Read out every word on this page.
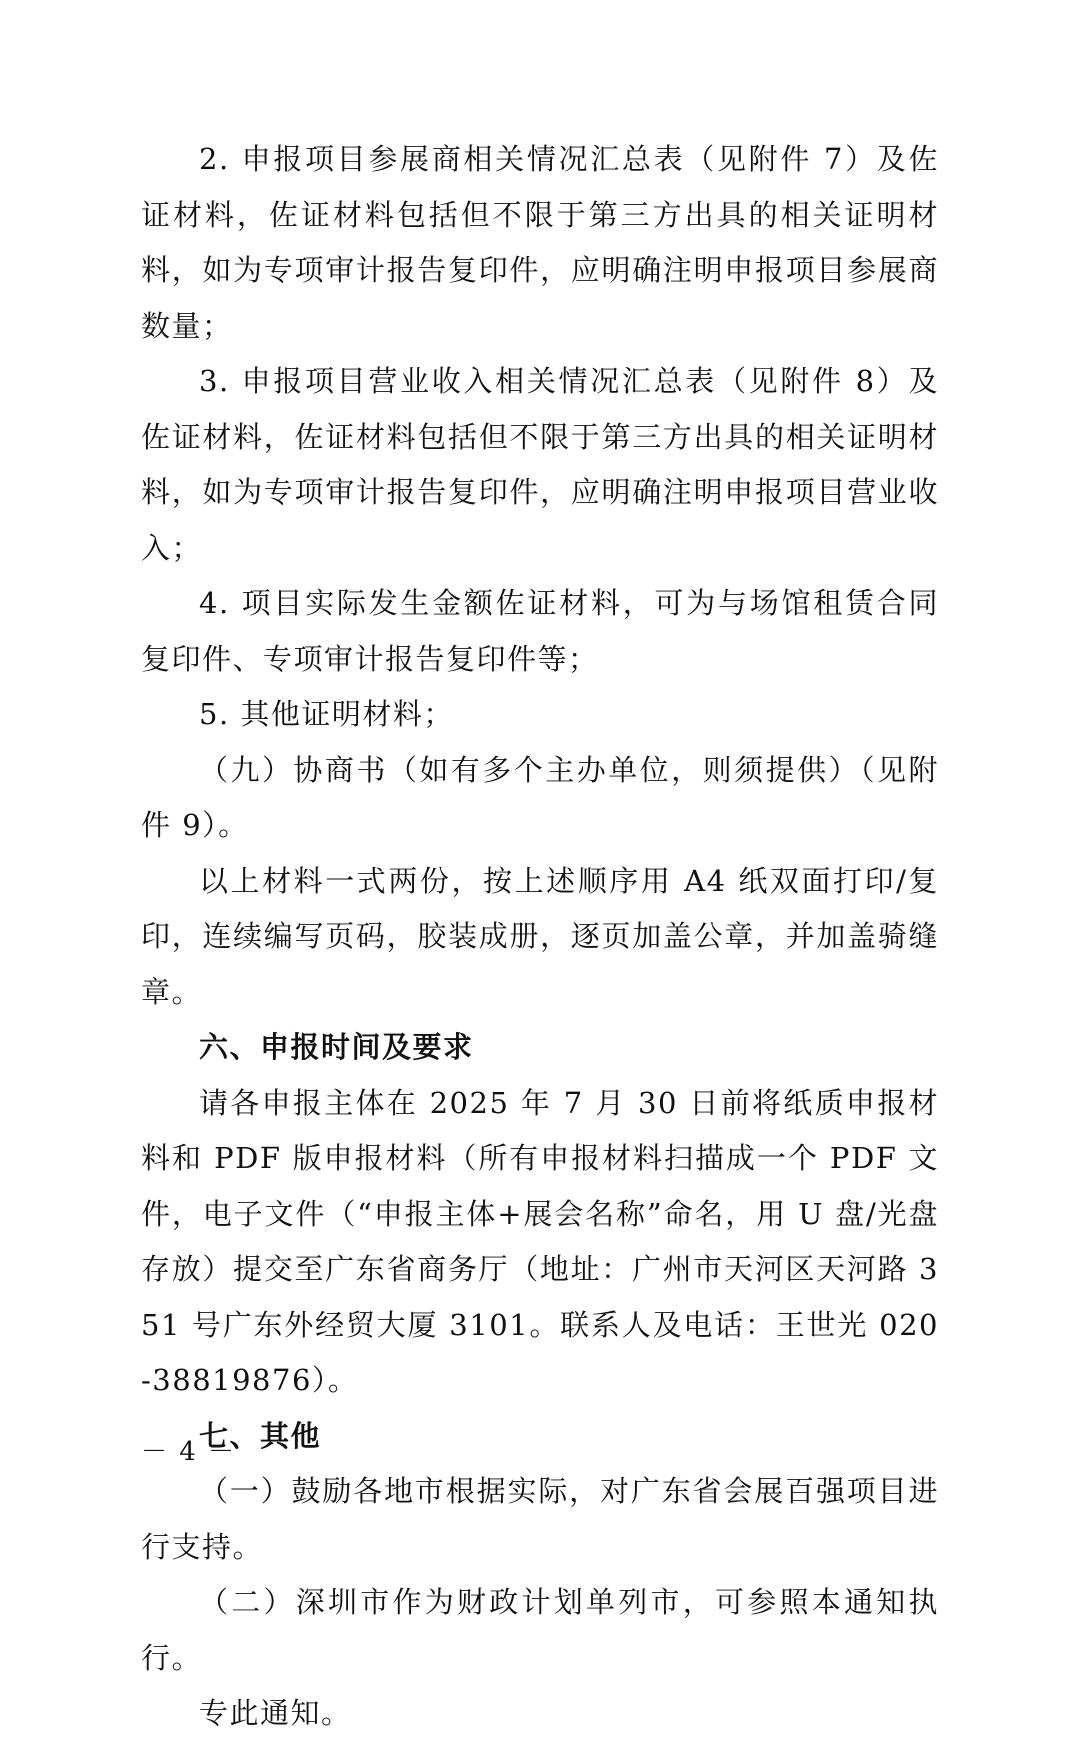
2. 申报项目参展商相关情况汇总表（见附件 7）及佐证材料，佐证材料包括但不限于第三方出具的相关证明材料，如为专项审计报告复印件，应明确注明申报项目参展商数量；

3. 申报项目营业收入相关情况汇总表（见附件 8）及佐证材料，佐证材料包括但不限于第三方出具的相关证明材料，如为专项审计报告复印件，应明确注明申报项目营业收入；

4. 项目实际发生金额佐证材料，可为与场馆租赁合同复印件、专项审计报告复印件等；

5. 其他证明材料；

（九）协商书（如有多个主办单位，则须提供）（见附件 9）。

以上材料一式两份，按上述顺序用 A4 纸双面打印/复印，连续编写页码，胶装成册，逐页加盖公章，并加盖骑缝章。

六、申报时间及要求

请各申报主体在 2025 年 7 月 30 日前将纸质申报材料和 PDF 版申报材料（所有申报材料扫描成一个 PDF 文件，电子文件（“申报主体+展会名称”命名，用 U 盘/光盘存放）提交至广东省商务厅（地址：广州市天河区天河路 351 号广东外经贸大厦 3101。联系人及电话：王世光 020-38819876）。

七、其他

（一）鼓励各地市根据实际，对广东省会展百强项目进行支持。

（二）深圳市作为财政计划单列市，可参照本通知执行。

专此通知。

－ 4 －
